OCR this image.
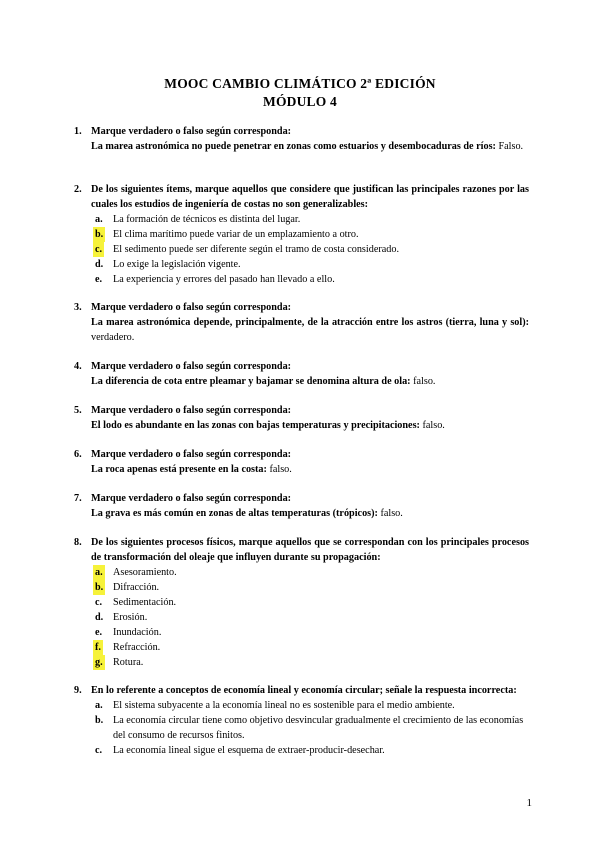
MOOC CAMBIO CLIMÁTICO 2ª EDICIÓN
MÓDULO 4
1. Marque verdadero o falso según corresponda:
La marea astronómica no puede penetrar en zonas como estuarios y desembocaduras de ríos: Falso.
2. De los siguientes ítems, marque aquellos que considere que justifican las principales razones por las cuales los estudios de ingeniería de costas no son generalizables:
a. La formación de técnicos es distinta del lugar.
b. El clima marítimo puede variar de un emplazamiento a otro.
c. El sedimento puede ser diferente según el tramo de costa considerado.
d. Lo exige la legislación vigente.
e. La experiencia y errores del pasado han llevado a ello.
3. Marque verdadero o falso según corresponda:
La marea astronómica depende, principalmente, de la atracción entre los astros (tierra, luna y sol): verdadero.
4. Marque verdadero o falso según corresponda:
La diferencia de cota entre pleamar y bajamar se denomina altura de ola: falso.
5. Marque verdadero o falso según corresponda:
El lodo es abundante en las zonas con bajas temperaturas y precipitaciones: falso.
6. Marque verdadero o falso según corresponda:
La roca apenas está presente en la costa: falso.
7. Marque verdadero o falso según corresponda:
La grava es más común en zonas de altas temperaturas (trópicos): falso.
8. De los siguientes procesos físicos, marque aquellos que se correspondan con los principales procesos de transformación del oleaje que influyen durante su propagación:
a. Asesoramiento.
b. Difracción.
c. Sedimentación.
d. Erosión.
e. Inundación.
f. Refracción.
g. Rotura.
9. En lo referente a conceptos de economía lineal y economía circular; señale la respuesta incorrecta:
a. El sistema subyacente a la economía lineal no es sostenible para el medio ambiente.
b. La economía circular tiene como objetivo desvincular gradualmente el crecimiento de las economías del consumo de recursos finitos.
c. La economía lineal sigue el esquema de extraer-producir-desechar.
1
